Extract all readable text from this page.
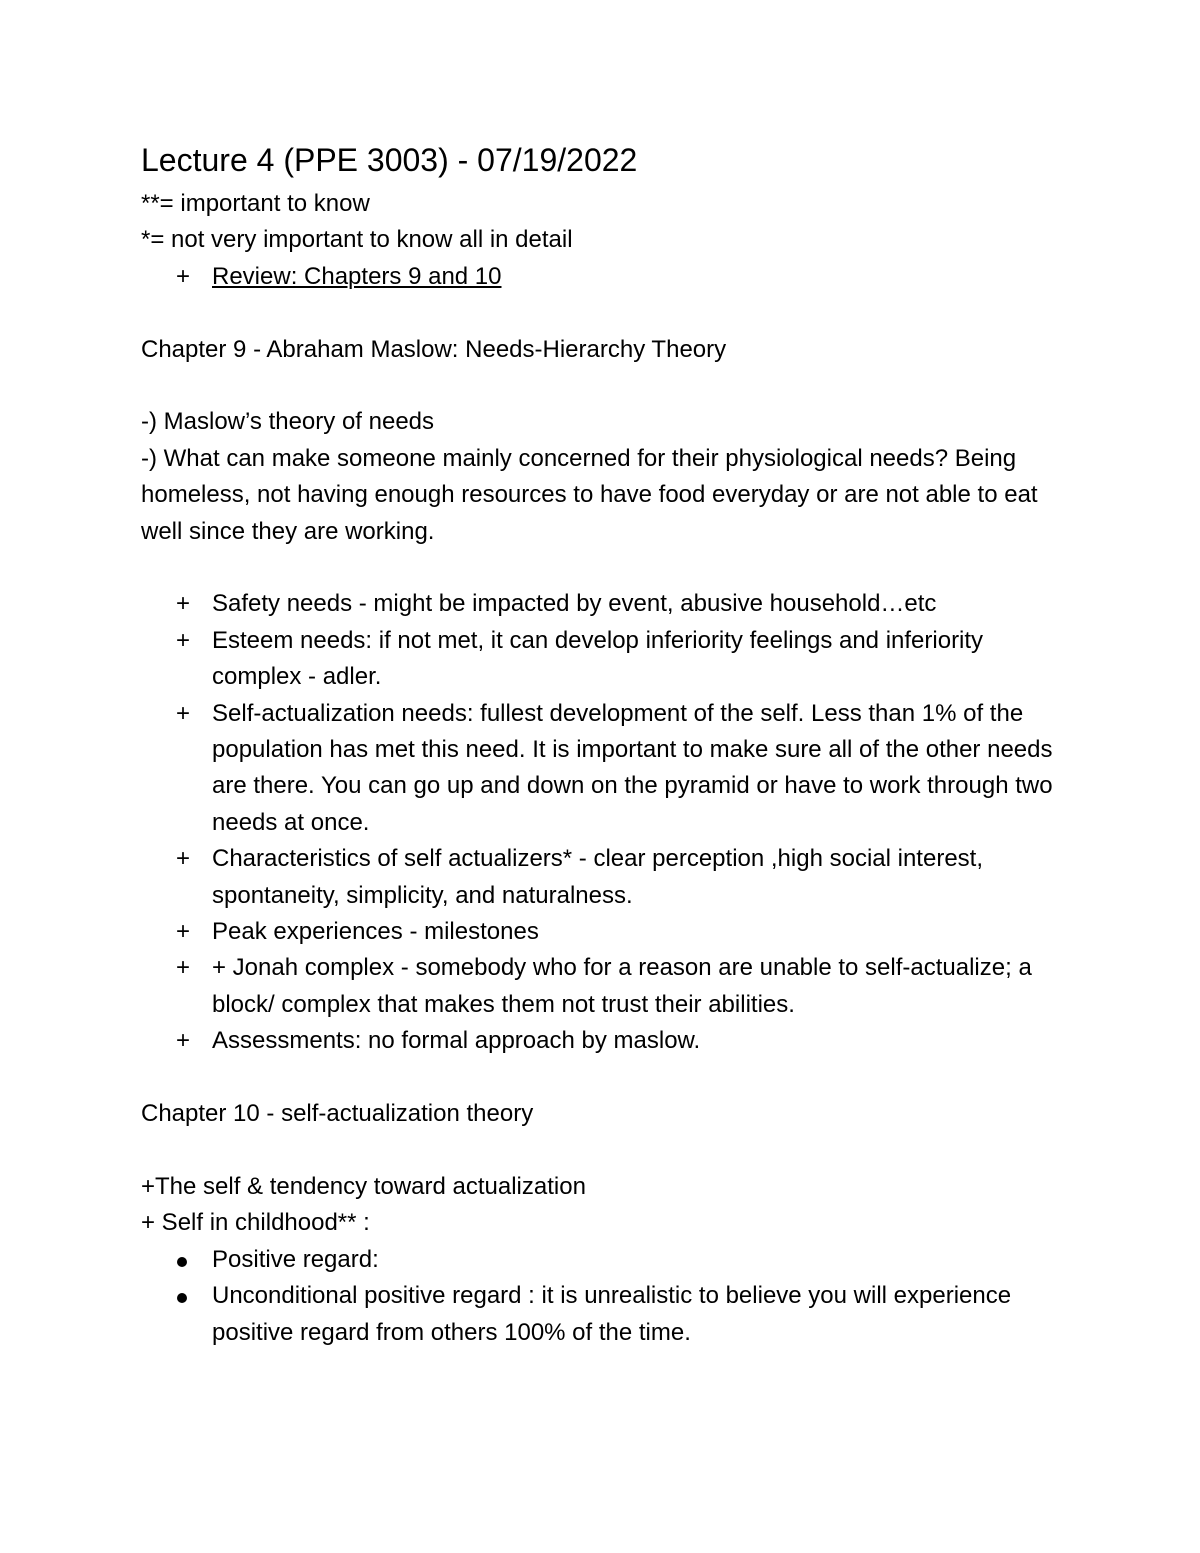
Lecture 4 (PPE 3003) - 07/19/2022

**= important to know

*= not very important to know all in detail

+ Review: Chapters 9 and 10

Chapter 9 - Abraham Maslow: Needs-Hierarchy Theory

-) Maslow’s theory of needs

-) What can make someone mainly concerned for their physiological needs? Being homeless, not having enough resources to have food everyday or are not able to eat well since they are working.

+ Safety needs - might be impacted by event, abusive household…etc
+ Esteem needs: if not met, it can develop inferiority feelings and inferiority complex - adler.
+ Self-actualization needs: fullest development of the self. Less than 1% of the population has met this need. It is important to make sure all of the other needs are there. You can go up and down on the pyramid or have to work through two needs at once.
+ Characteristics of self actualizers* - clear perception ,high social interest, spontaneity, simplicity, and naturalness.
+ Peak experiences - milestones
+ + Jonah complex - somebody who for a reason are unable to self-actualize; a block/ complex that makes them not trust their abilities.
+ Assessments: no formal approach by maslow.

Chapter 10 - self-actualization theory

+The self & tendency toward actualization

+ Self in childhood** :

Positive regard:
Unconditional positive regard : it is unrealistic to believe you will experience positive regard from others 100% of the time.
